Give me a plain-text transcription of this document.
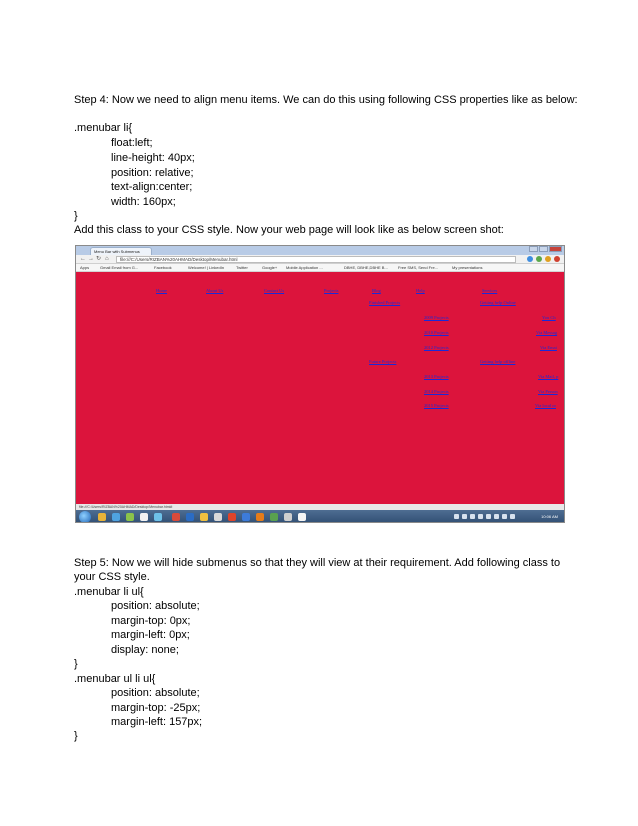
Step 4: Now we need to align menu items. We can do this using following CSS properties like as below:
.menubar li{
float:left;
line-height: 40px;
position: relative;
text-align:center;
width: 160px;
}
Add this class to your CSS style. Now your web page will look like as below screen shot:
Menu Bar with Submenus
← → ↻ ⌂	file:///C:/Users/RIZBAN%20AHMAD/Desktop/Menubar.html
Apps	Gmail Email from G...	Facebook	Welcome! | LinkedIn	Twitter	Google+ Mobile Application ...	DBHE, DBHE,DBHE B...	Free SMS, Send Fre...	My presentations
Home	About Us	Contact Us	Projects	Blog	Help	Services
Finished Projects	Getting help Online
2009 Projects	You Ch
2010 Projects	Via Messag
2012 Projects	Via Emai
Future Projects	Getting help offline
2013 Projects	Via Mail, p
2014 Projects	Via Person
2015 Projects	Via local or
file:///C:/Users/RIZBAN%20AHMAD/Desktop/Menubar.html#
10:06 AM
Step 5: Now we will hide submenus so that they will view at their requirement. Add following class to
your CSS style.
.menubar li ul{
position: absolute;
margin-top: 0px;
margin-left: 0px;
display: none;
}
.menubar ul li ul{
position: absolute;
margin-top: -25px;
margin-left: 157px;
}
